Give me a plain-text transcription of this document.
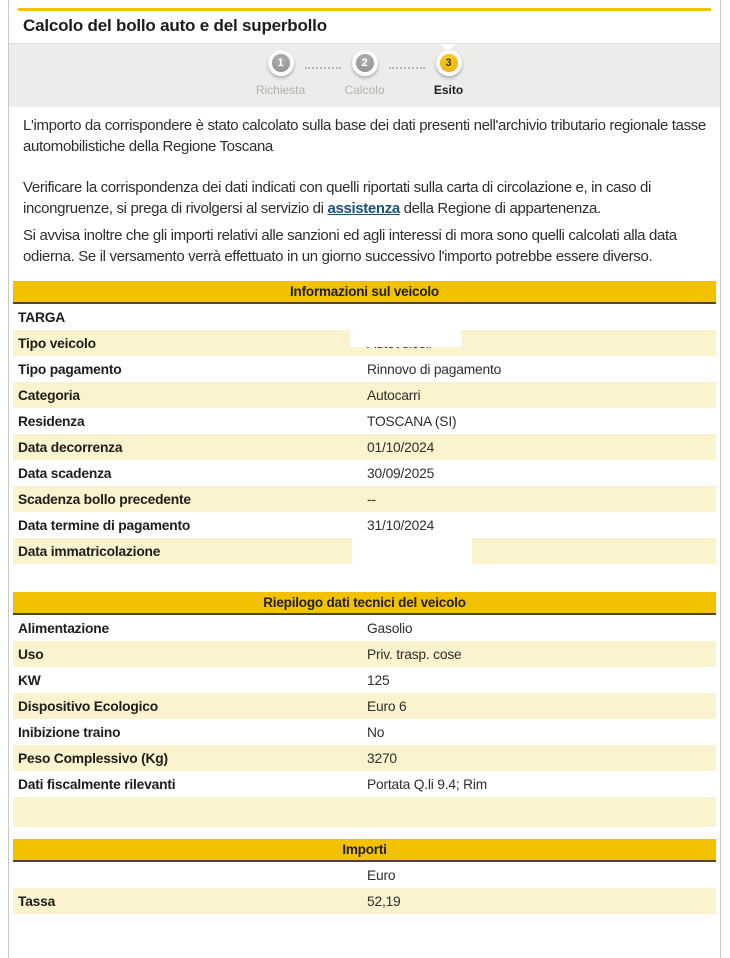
Calcolo del bollo auto e del superbollo
1
Richiesta
2
Calcolo
3
Esito

L'importo da corrispondere è stato calcolato sulla base dei dati presenti nell'archivio tributario regionale tasse automobilistiche della Regione Toscana

Verificare la corrispondenza dei dati indicati con quelli riportati sulla carta di circolazione e, in caso di incongruenze, si prega di rivolgersi al servizio di assistenza della Regione di appartenenza.

Si avvisa inoltre che gli importi relativi alle sanzioni ed agli interessi di mora sono quelli calcolati alla data odierna. Se il versamento verrà effettuato in un giorno successivo l'importo potrebbe essere diverso.

Informazioni sul veicolo
TARGA
Tipo veicolo
Tipo pagamento	Rinnovo di pagamento
Categoria	Autocarri
Residenza	TOSCANA (SI)
Data decorrenza	01/10/2024
Data scadenza	30/09/2025
Scadenza bollo precedente	--
Data termine di pagamento	31/10/2024
Data immatricolazione
Riepilogo dati tecnici del veicolo
Alimentazione	Gasolio
Uso	Priv. trasp. cose
KW	125
Dispositivo Ecologico	Euro 6
Inibizione traino	No
Peso Complessivo (Kg)	3270
Dati fiscalmente rilevanti	Portata Q.li 9.4; Rim
Importi
Euro
Tassa	52,19
